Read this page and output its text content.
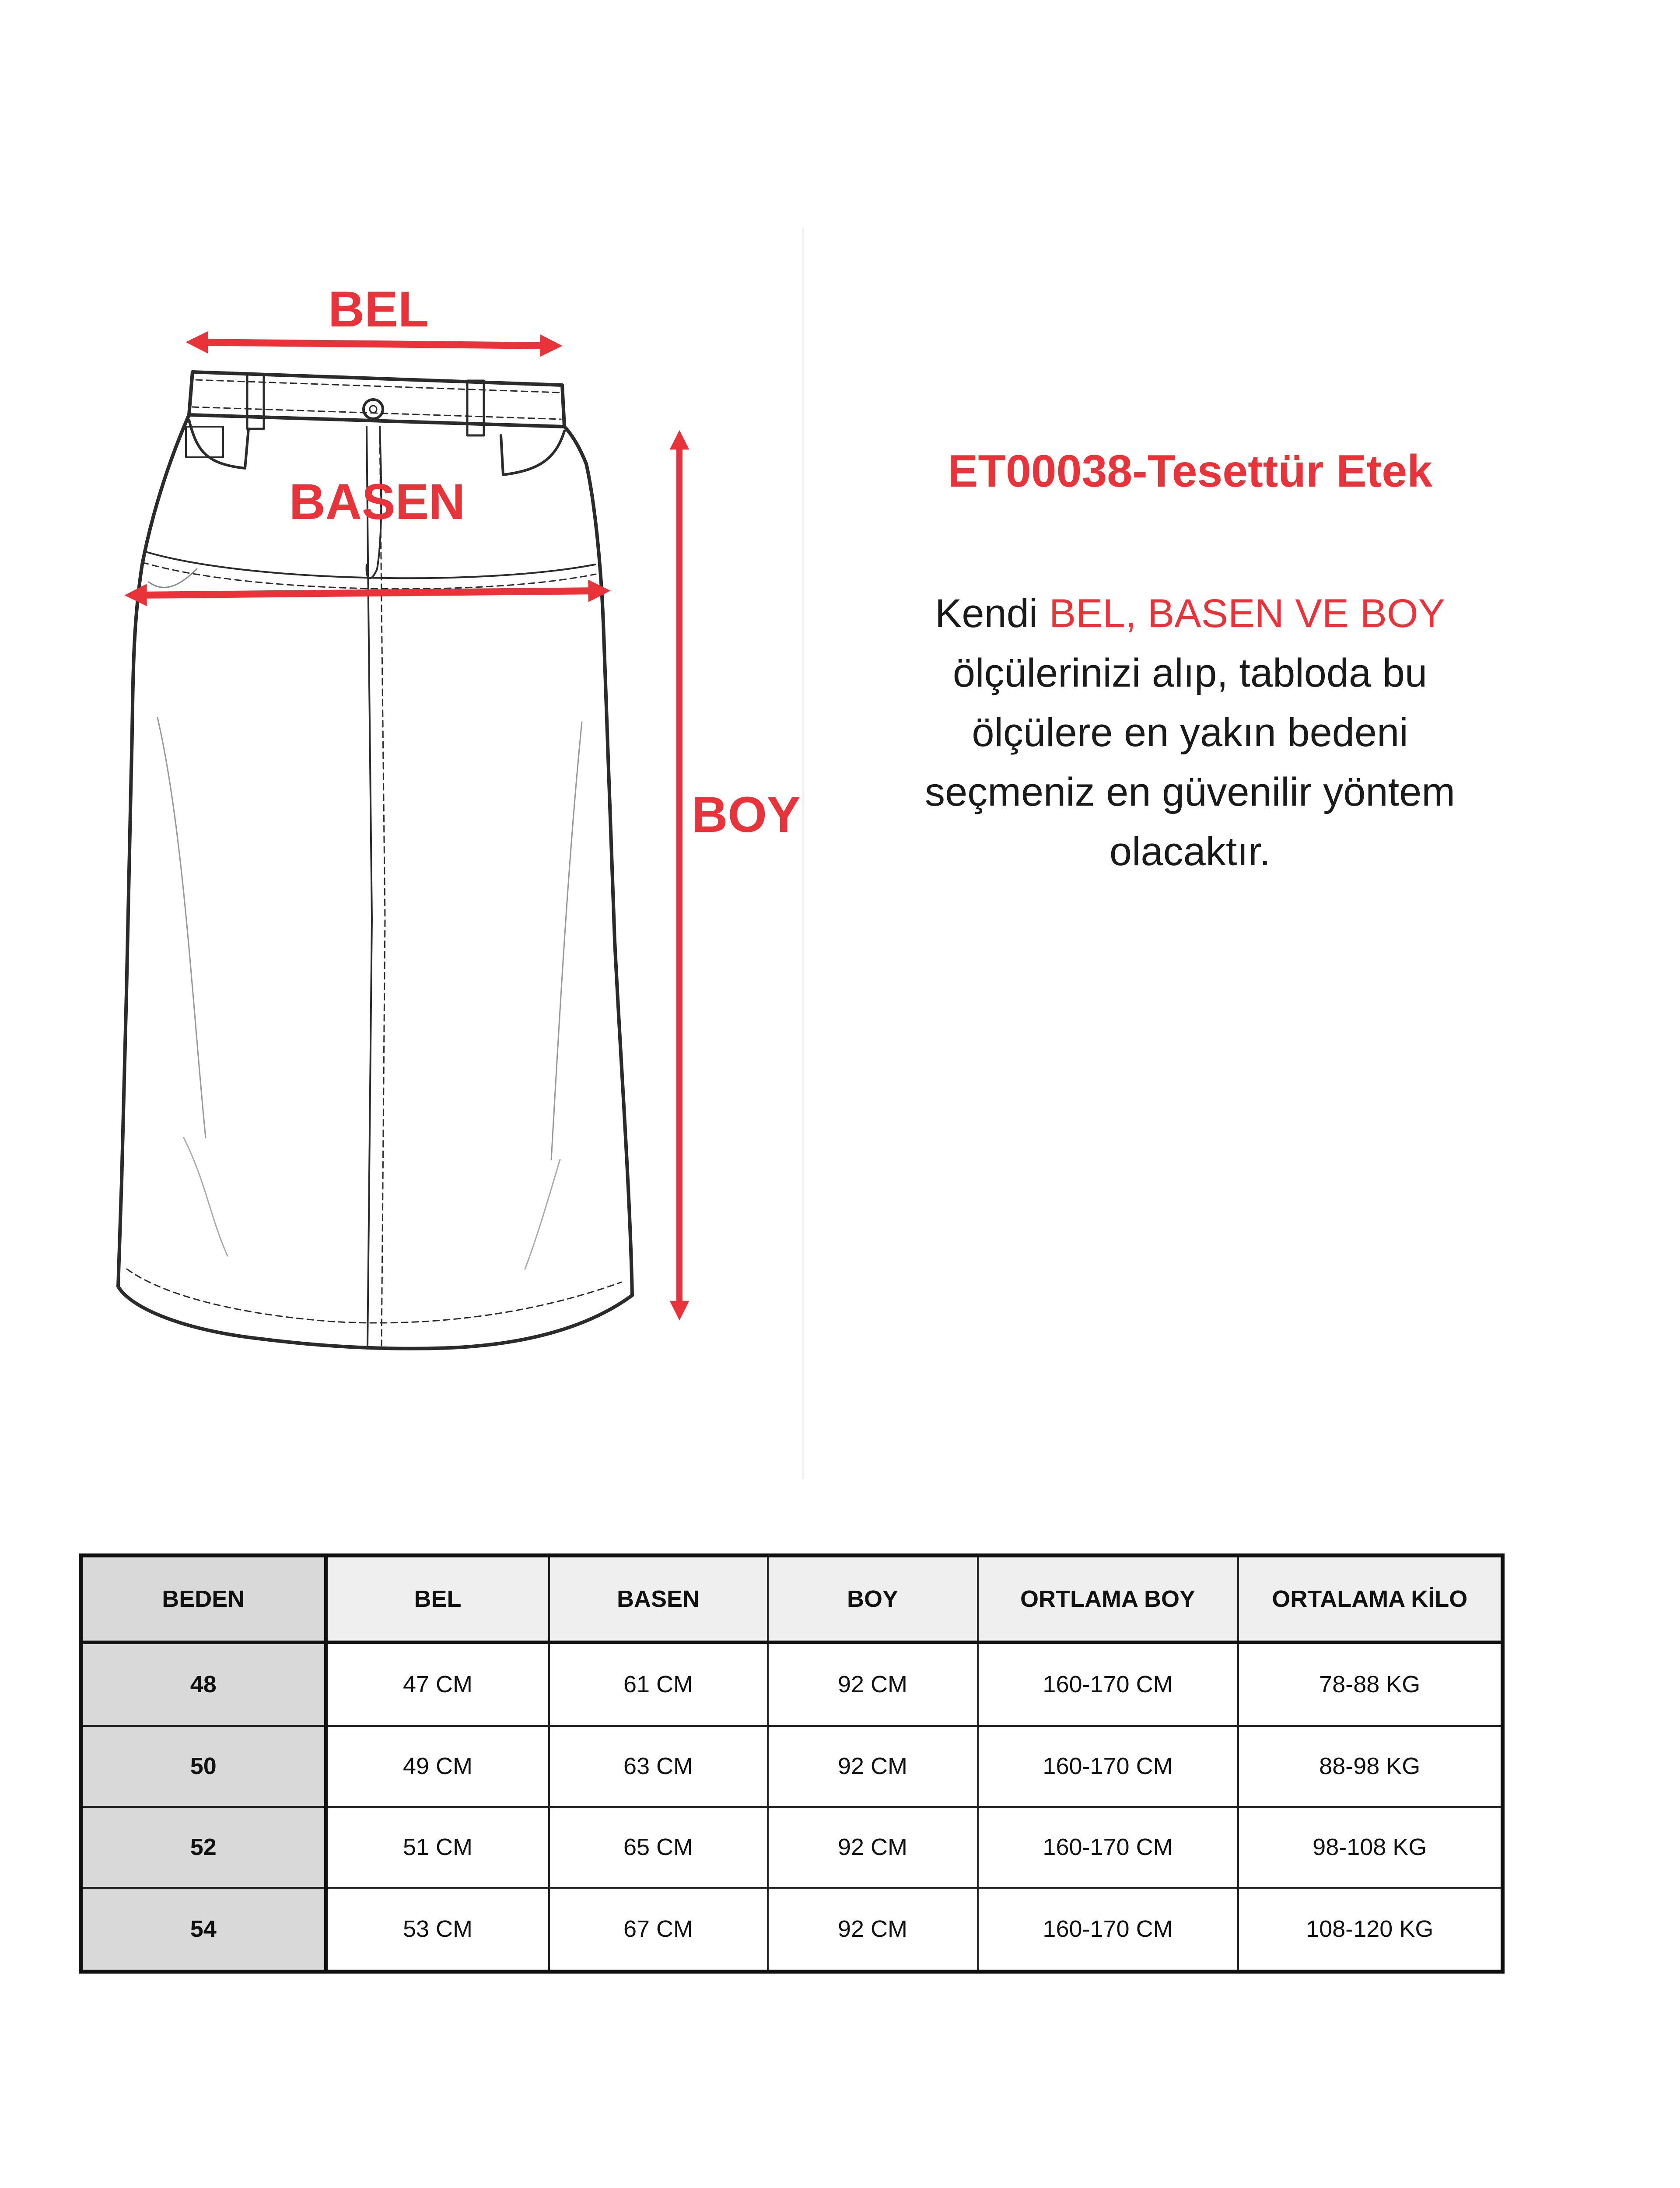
BEL
BASEN
BOY
ET00038-Tesettür Etek
Kendi BEL, BASEN VE BOY
ölçülerinizi alıp, tabloda bu
ölçülere en yakın bedeni
seçmeniz en güvenilir yöntem
olacaktır.
BEDEN	BEL	BASEN	BOY	ORTLAMA BOY	ORTALAMA KİLO
48	47 CM	61 CM	92 CM	160-170 CM	78-88 KG
50	49 CM	63 CM	92 CM	160-170 CM	88-98 KG
52	51 CM	65 CM	92 CM	160-170 CM	98-108 KG
54	53 CM	67 CM	92 CM	160-170 CM	108-120 KG
